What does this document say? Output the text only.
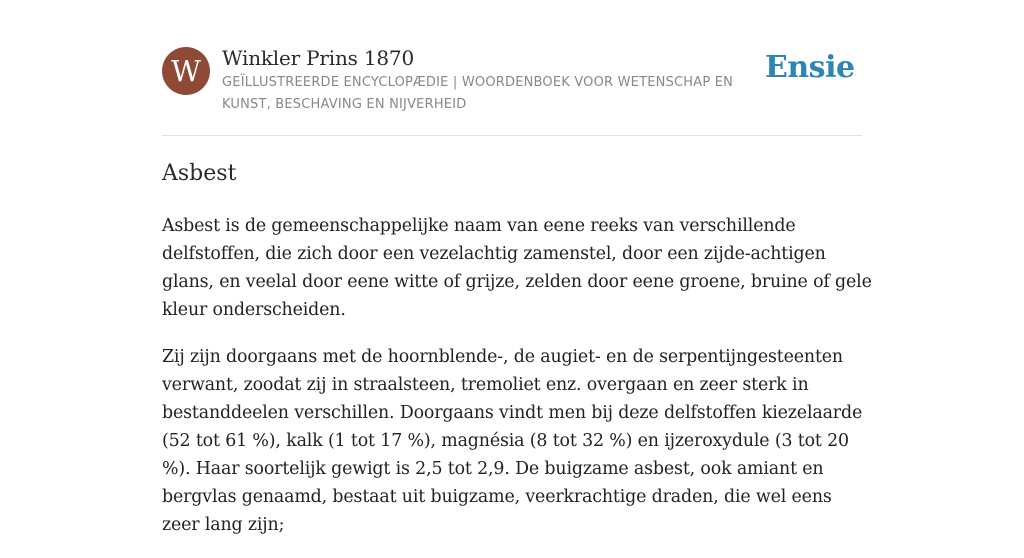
W	Winkler Prins 1870
GEÏLLUSTREERDE ENCYCLOPÆDIE | WOORDENBOEK VOOR WETENSCHAP EN KUNST, BESCHAVING EN NIJVERHEID
Ensie
Asbest

Asbest is de gemeenschappelijke naam van eene reeks van verschillende delfstoffen, die zich door een vezelachtig zamenstel, door een zijde-achtigen glans, en veelal door eene witte of grijze, zelden door eene groene, bruine of gele kleur onderscheiden.

Zij zijn doorgaans met de hoornblende-, de augiet- en de serpentijngesteenten verwant, zoodat zij in straalsteen, tremoliet enz. overgaan en zeer sterk in bestanddeelen verschillen. Doorgaans vindt men bij deze delfstoffen kiezelaarde (52 tot 61 %), kalk (1 tot 17 %), magnésia (8 tot 32 %) en ijzeroxydule (3 tot 20 %). Haar soortelijk gewigt is 2,5 tot 2,9. De buigzame asbest, ook amiant en bergvlas genaamd, bestaat uit buigzame, veerkrachtige draden, die wel eens zeer lang zijn;
